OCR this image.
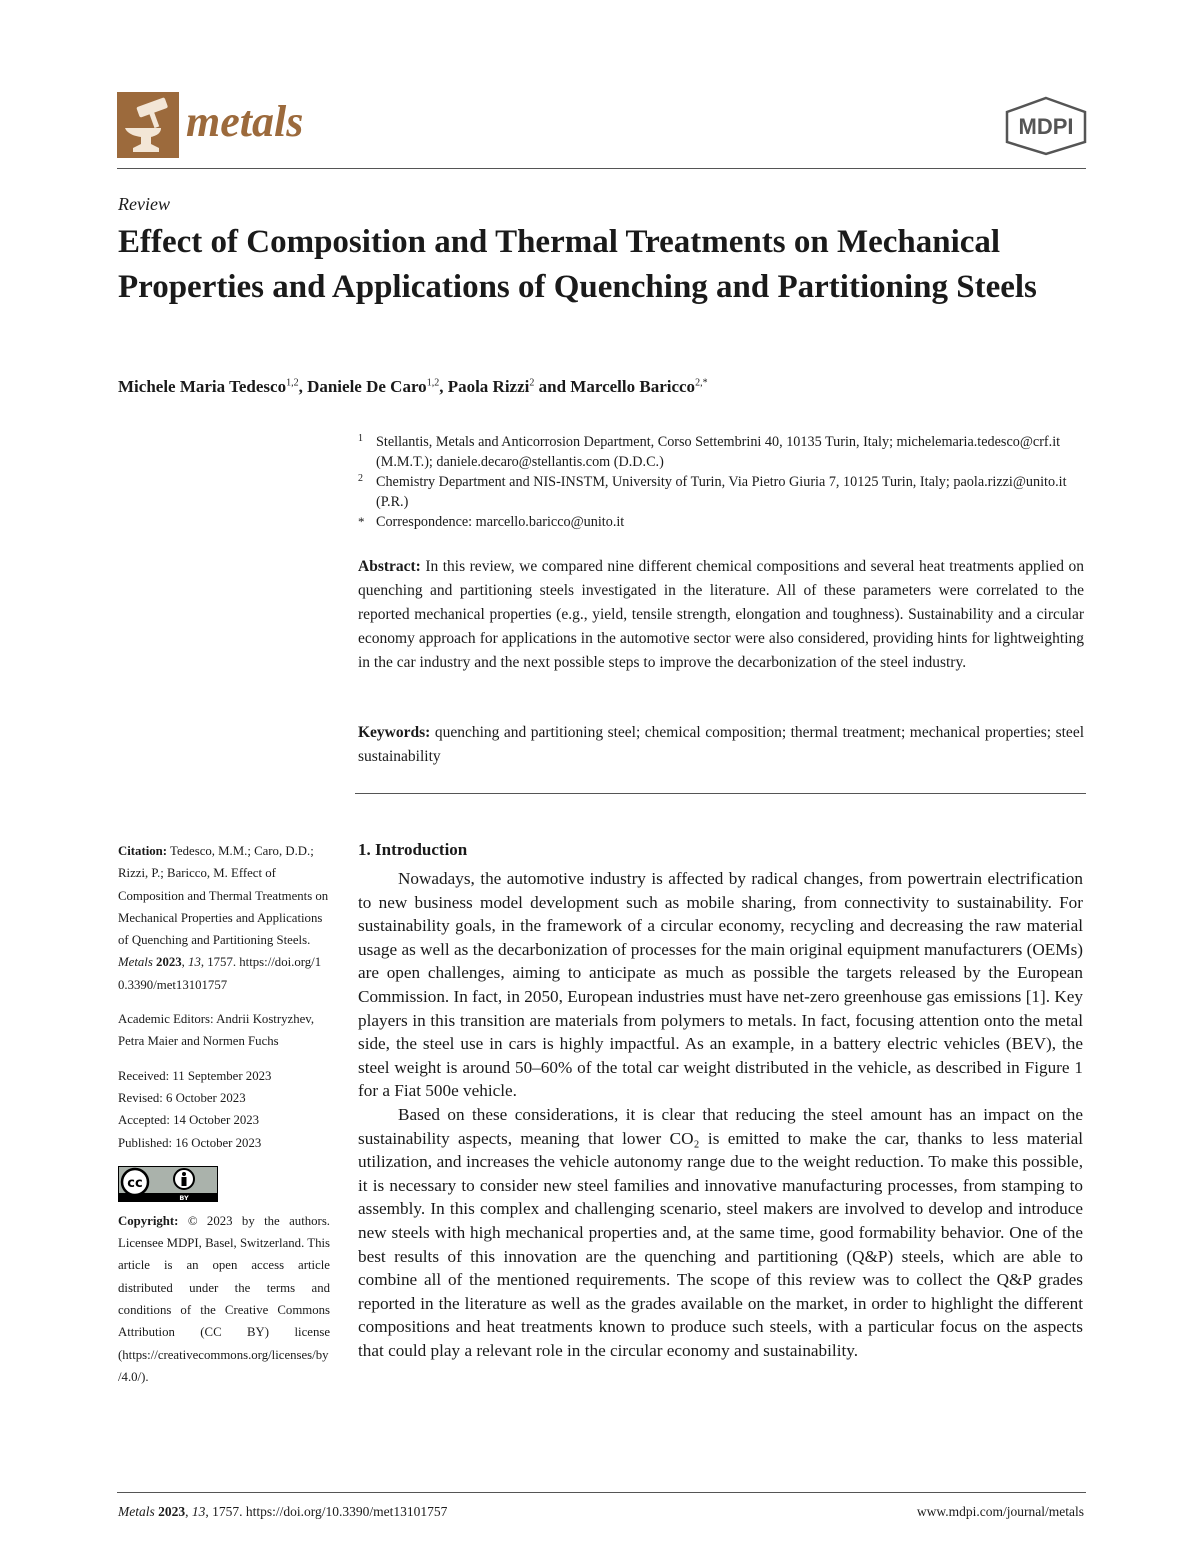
metals	MDPI
Review
Effect of Composition and Thermal Treatments on Mechanical Properties and Applications of Quenching and Partitioning Steels
Michele Maria Tedesco$^{1,2}$, Daniele De Caro$^{1,2}$, Paola Rizzi$^2$ and Marcello Baricco$^{2,*}$
1 Stellantis, Metals and Anticorrosion Department, Corso Settembrini 40, 10135 Turin, Italy; michelemaria.tedesco@crf.it (M.M.T.); daniele.decaro@stellantis.com (D.D.C.)
2 Chemistry Department and NIS-INSTM, University of Turin, Via Pietro Giuria 7, 10125 Turin, Italy; paola.rizzi@unito.it (P.R.)
* Correspondence: marcello.baricco@unito.it
Abstract: In this review, we compared nine different chemical compositions and several heat treatments applied on quenching and partitioning steels investigated in the literature. All of these parameters were correlated to the reported mechanical properties (e.g., yield, tensile strength, elongation and toughness). Sustainability and a circular economy approach for applications in the automotive sector were also considered, providing hints for lightweighting in the car industry and the next possible steps to improve the decarbonization of the steel industry.
Keywords: quenching and partitioning steel; chemical composition; thermal treatment; mechanical properties; steel sustainability
Citation: Tedesco, M.M.; Caro, D.D.; Rizzi, P.; Baricco, M. Effect of Composition and Thermal Treatments on Mechanical Properties and Applications of Quenching and Partitioning Steels. Metals 2023, 13, 1757. https://doi.org/10.3390/met13101757
Academic Editors: Andrii Kostryzhev, Petra Maier and Normen Fuchs
Received: 11 September 2023
Revised: 6 October 2023
Accepted: 14 October 2023
Published: 16 October 2023
cc
BY
Copyright: © 2023 by the authors. Licensee MDPI, Basel, Switzerland. This article is an open access article distributed under the terms and conditions of the Creative Commons Attribution (CC BY) license (https://creativecommons.org/licenses/by/4.0/).
1. Introduction

Nowadays, the automotive industry is affected by radical changes, from powertrain electrification to new business model development such as mobile sharing, from connectivity to sustainability. For sustainability goals, in the framework of a circular economy, recycling and decreasing the raw material usage as well as the decarbonization of processes for the main original equipment manufacturers (OEMs) are open challenges, aiming to anticipate as much as possible the targets released by the European Commission. In fact, in 2050, European industries must have net-zero greenhouse gas emissions [1]. Key players in this transition are materials from polymers to metals. In fact, focusing attention onto the metal side, the steel use in cars is highly impactful. As an example, in a battery electric vehicles (BEV), the steel weight is around 50–60% of the total car weight distributed in the vehicle, as described in Figure 1 for a Fiat 500e vehicle.

Based on these considerations, it is clear that reducing the steel amount has an impact on the sustainability aspects, meaning that lower CO₂ is emitted to make the car, thanks to less material utilization, and increases the vehicle autonomy range due to the weight reduction. To make this possible, it is necessary to consider new steel families and innovative manufacturing processes, from stamping to assembly. In this complex and challenging scenario, steel makers are involved to develop and introduce new steels with high mechanical properties and, at the same time, good formability behavior. One of the best results of this innovation are the quenching and partitioning (Q&P) steels, which are able to combine all of the mentioned requirements. The scope of this review was to collect the Q&P grades reported in the literature as well as the grades available on the market, in order to highlight the different compositions and heat treatments known to produce such steels, with a particular focus on the aspects that could play a relevant role in the circular economy and sustainability.

Metals 2023, 13, 1757. https://doi.org/10.3390/met13101757	www.mdpi.com/journal/metals
